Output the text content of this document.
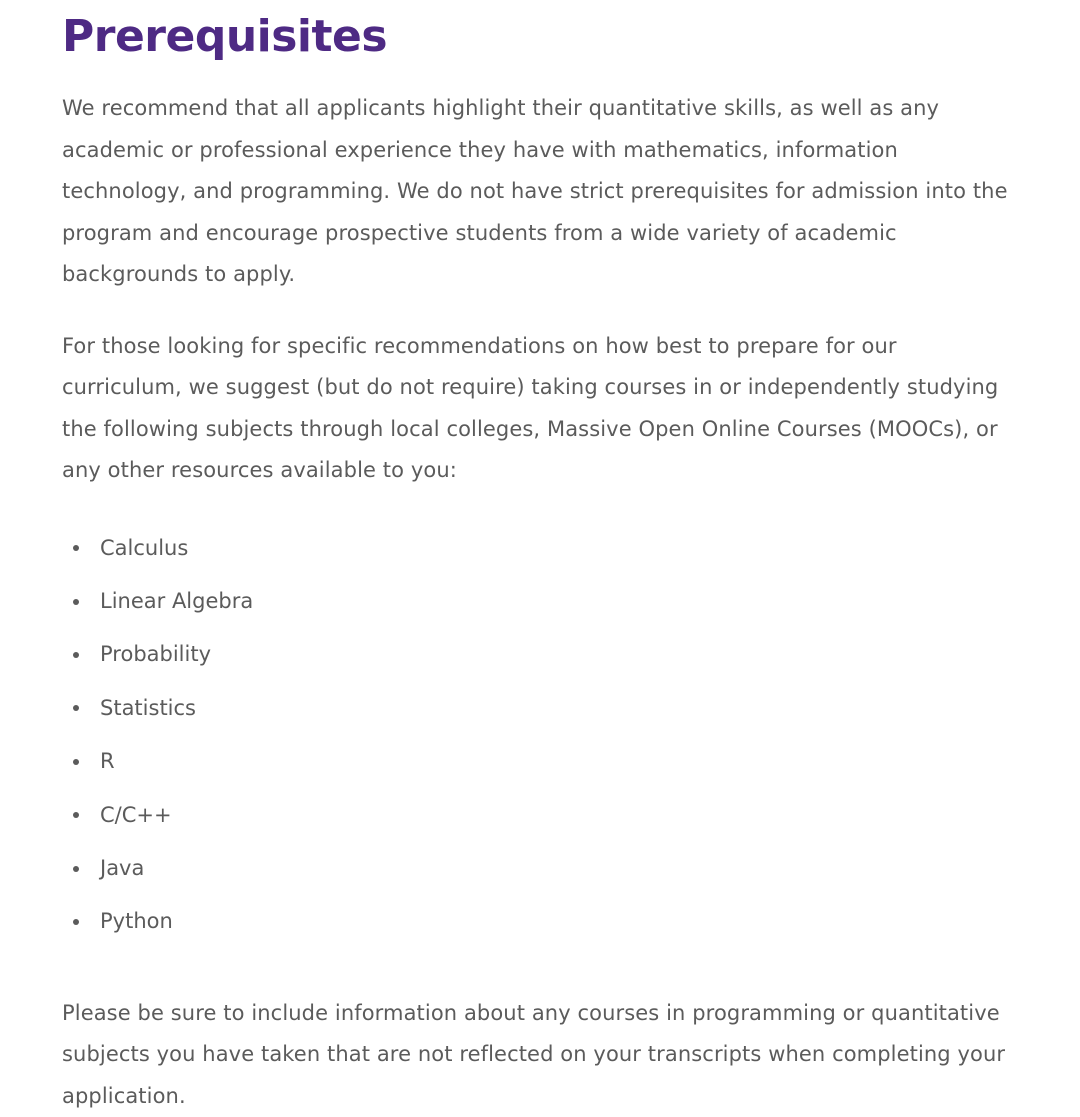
Prerequisites

We recommend that all applicants highlight their quantitative skills, as well as any academic or professional experience they have with mathematics, information technology, and programming. We do not have strict prerequisites for admission into the program and encourage prospective students from a wide variety of academic backgrounds to apply.

For those looking for specific recommendations on how best to prepare for our curriculum, we suggest (but do not require) taking courses in or independently studying the following subjects through local colleges, Massive Open Online Courses (MOOCs), or any other resources available to you:

Calculus
Linear Algebra
Probability
Statistics
R
C/C++
Java
Python

Please be sure to include information about any courses in programming or quantitative subjects you have taken that are not reflected on your transcripts when completing your application.
